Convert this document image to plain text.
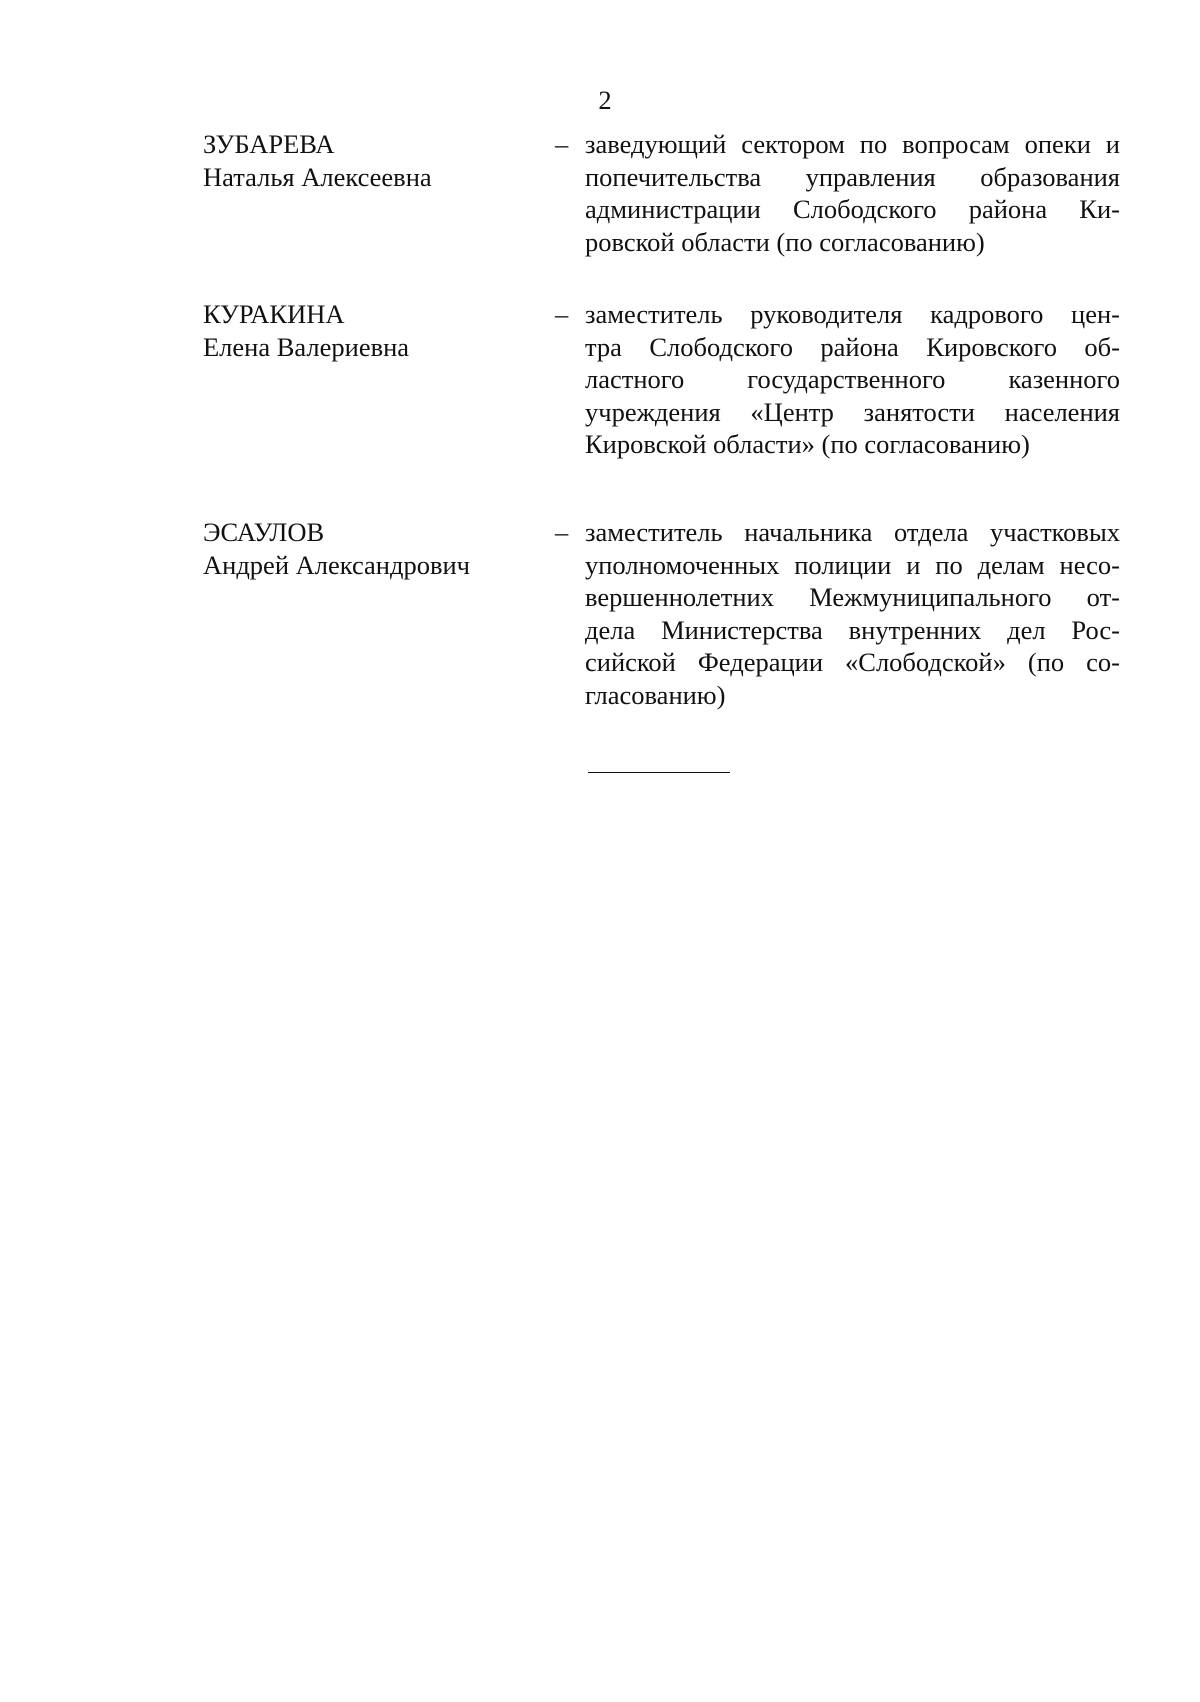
2
ЗУБАРЕВА
Наталья Алексеевна
– заведующий сектором по вопросам опеки и
попечительства управления образования
администрации Слободского района Ки-
ровской области (по согласованию)
КУРАКИНА
Елена Валериевна
– заместитель руководителя кадрового цен-
тра Слободского района Кировского об-
ластного государственного казенного
учреждения «Центр занятости населения
Кировской области» (по согласованию)
ЭСАУЛОВ
Андрей Александрович
– заместитель начальника отдела участковых
уполномоченных полиции и по делам несо-
вершеннолетних Межмуниципального от-
дела Министерства внутренних дел Рос-
сийской Федерации «Слободской» (по со-
гласованию)
